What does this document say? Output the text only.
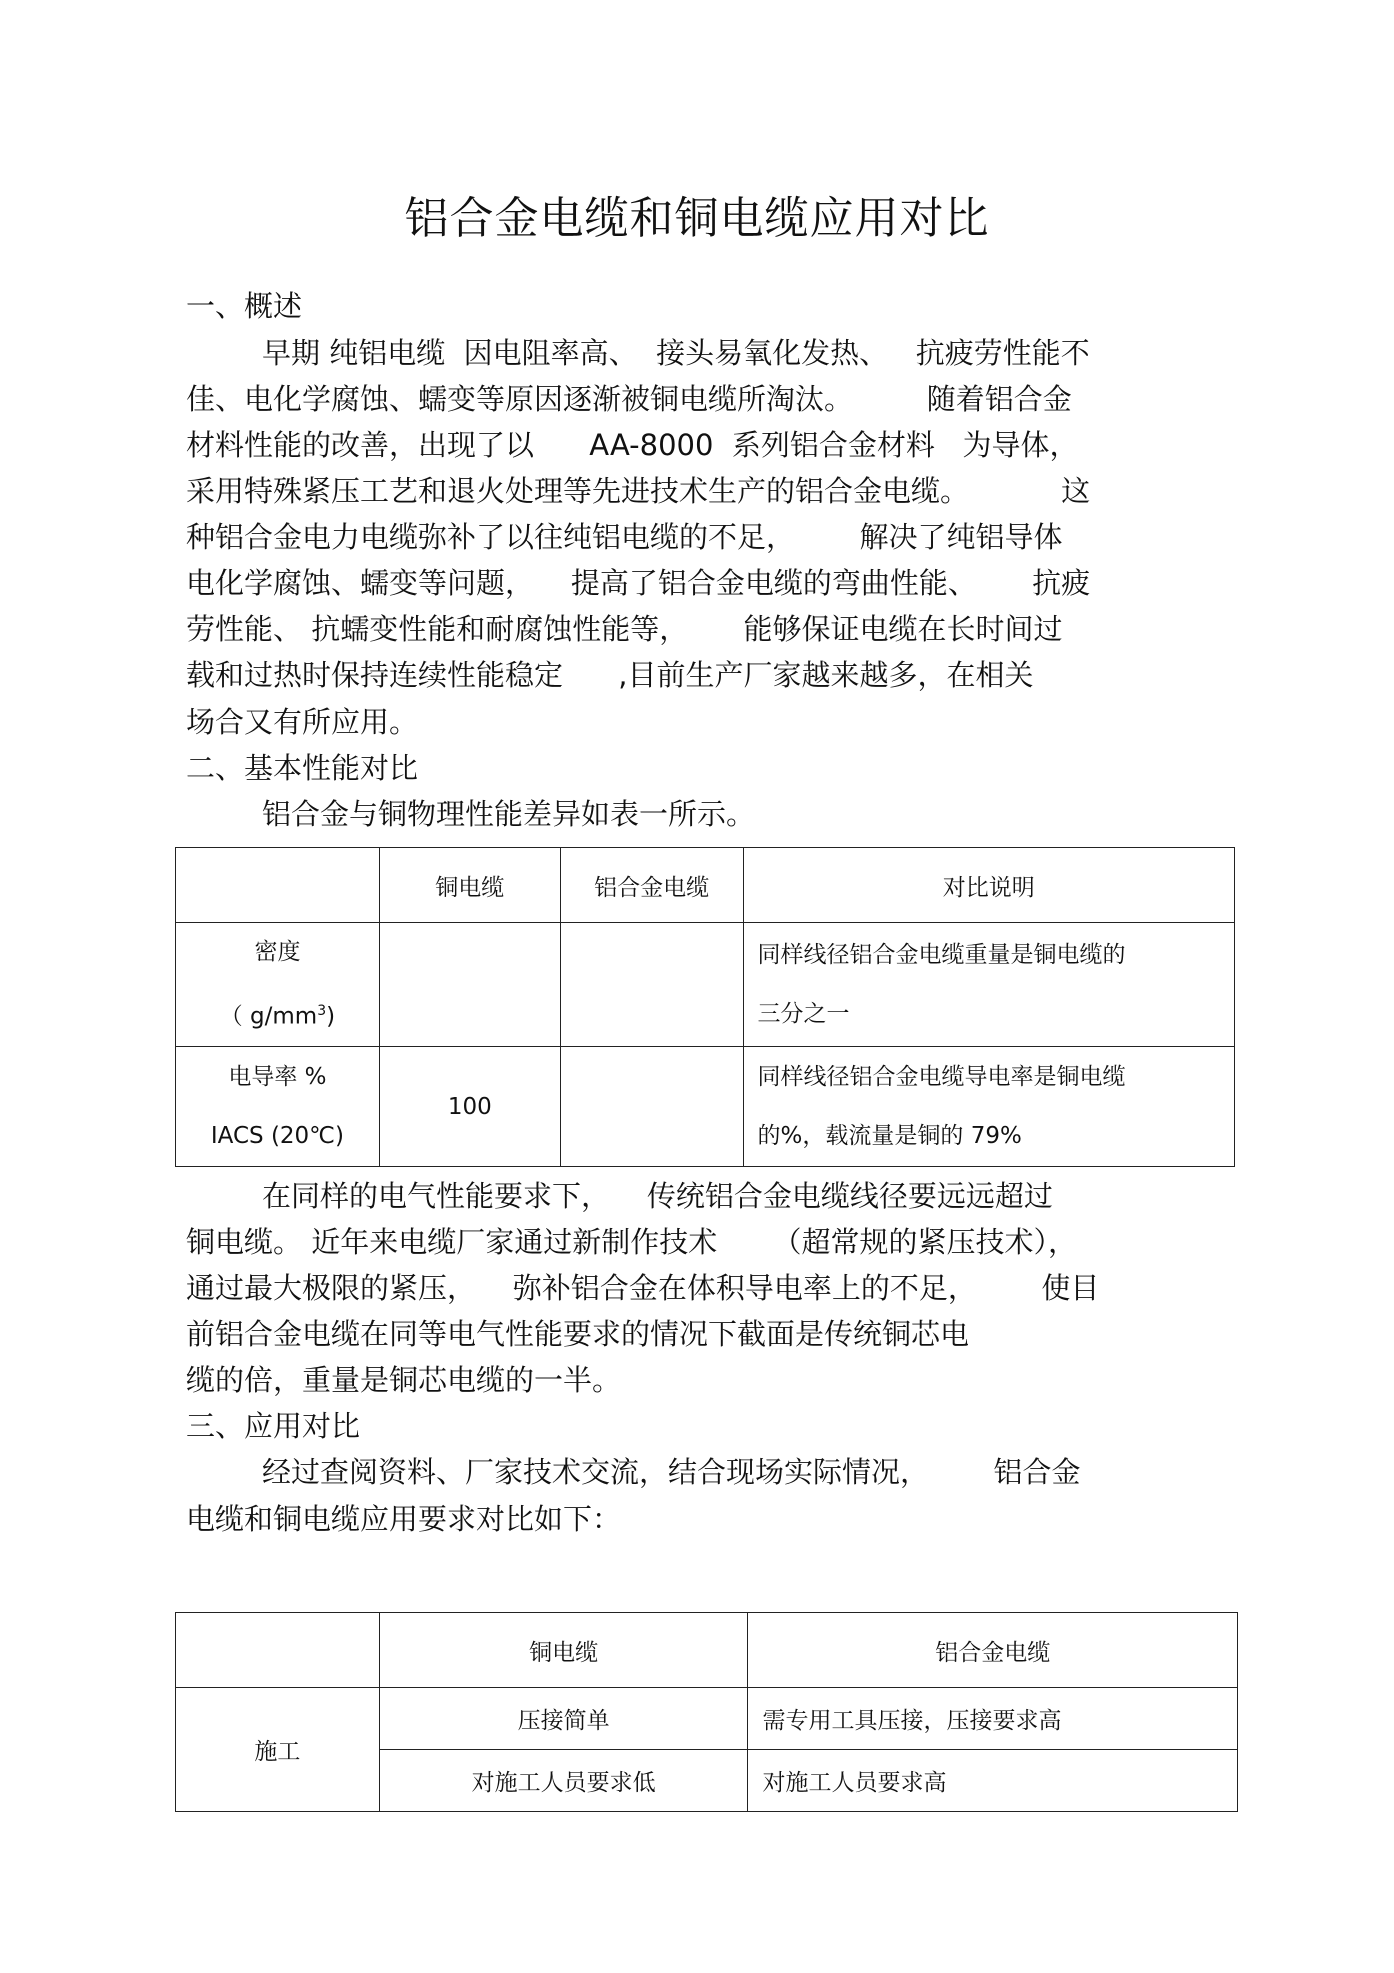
铝合金电缆和铜电缆应用对比
一、概述
早期 纯铝电缆  因电阻率高、  接头易氧化发热、   抗疲劳性能不
佳、电化学腐蚀、蠕变等原因逐渐被铜电缆所淘汰。        随着铝合金
材料性能的改善，出现了以      AA-8000  系列铝合金材料   为导体，
采用特殊紧压工艺和退火处理等先进技术生产的铝合金电缆。          这
种铝合金电力电缆弥补了以往纯铝电缆的不足，       解决了纯铝导体
电化学腐蚀、蠕变等问题，    提高了铝合金电缆的弯曲性能、      抗疲
劳性能、 抗蠕变性能和耐腐蚀性能等，      能够保证电缆在长时间过
载和过热时保持连续性能稳定      ,目前生产厂家越来越多，在相关
场合又有所应用。
二、基本性能对比
铝合金与铜物理性能差异如表一所示。
	铜电缆	铝合金电缆	对比说明

密度
（ $g/mm^3$)			同样线径铝合金电缆重量是铜电缆的
三分之一

电导率 %
IACS (20℃)	100		同样线径铝合金电缆导电率是铜电缆
的%，载流量是铜的 79%
在同样的电气性能要求下，    传统铝合金电缆线径要远远超过
铜电缆。 近年来电缆厂家通过新制作技术      （超常规的紧压技术），
通过最大极限的紧压，    弥补铝合金在体积导电率上的不足，       使目
前铝合金电缆在同等电气性能要求的情况下截面是传统铜芯电
缆的倍，重量是铜芯电缆的一半。
三、应用对比
经过查阅资料、厂家技术交流，结合现场实际情况，       铝合金
电缆和铜电缆应用要求对比如下：
	铜电缆	铝合金电缆
施工	压接简单	需专用工具压接，压接要求高
	对施工人员要求低	对施工人员要求高
